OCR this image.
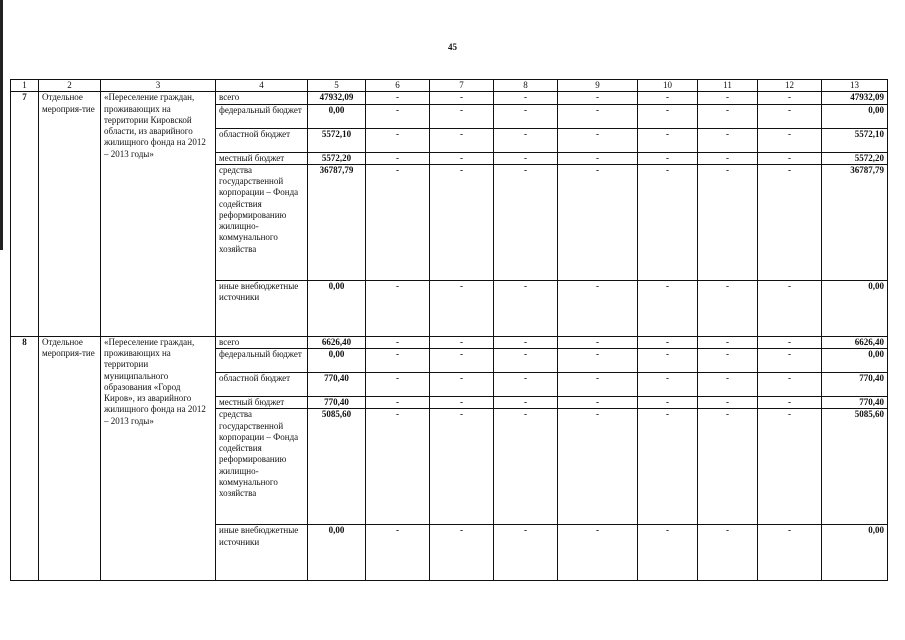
45
1	2	3	4	5	6	7	8	9	10	11	12	13
7	Отдельное мероприя-тие	«Переселение граждан, проживающих на территории Кировской области, из аварийного жилищного фонда на 2012 – 2013 годы»	всего	47932,09	-	-	-	-	-	-	-	47932,09
			федеральный бюджет	0,00	-	-	-	-	-	-	-	0,00
			областной бюджет	5572,10	-	-	-	-	-	-	-	5572,10
			местный бюджет	5572,20	-	-	-	-	-	-	-	5572,20
			средства государственной корпорации – Фонда содействия реформированию жилищно-коммунального хозяйства	36787,79	-	-	-	-	-	-	-	36787,79
			иные внебюджетные источники	0,00	-	-	-	-	-	-	-	0,00
8	Отдельное мероприя-тие	«Переселение граждан, проживающих на территории муниципального образования «Город Киров», из аварийного жилищного фонда на 2012 – 2013 годы»	всего	6626,40	-	-	-	-	-	-	-	6626,40
			федеральный бюджет	0,00	-	-	-	-	-	-	-	0,00
			областной бюджет	770,40	-	-	-	-	-	-	-	770,40
			местный бюджет	770,40	-	-	-	-	-	-	-	770,40
			средства государственной корпорации – Фонда содействия реформированию жилищно-коммунального хозяйства	5085,60	-	-	-	-	-	-	-	5085,60
			иные внебюджетные источники	0,00	-	-	-	-	-	-	-	0,00
